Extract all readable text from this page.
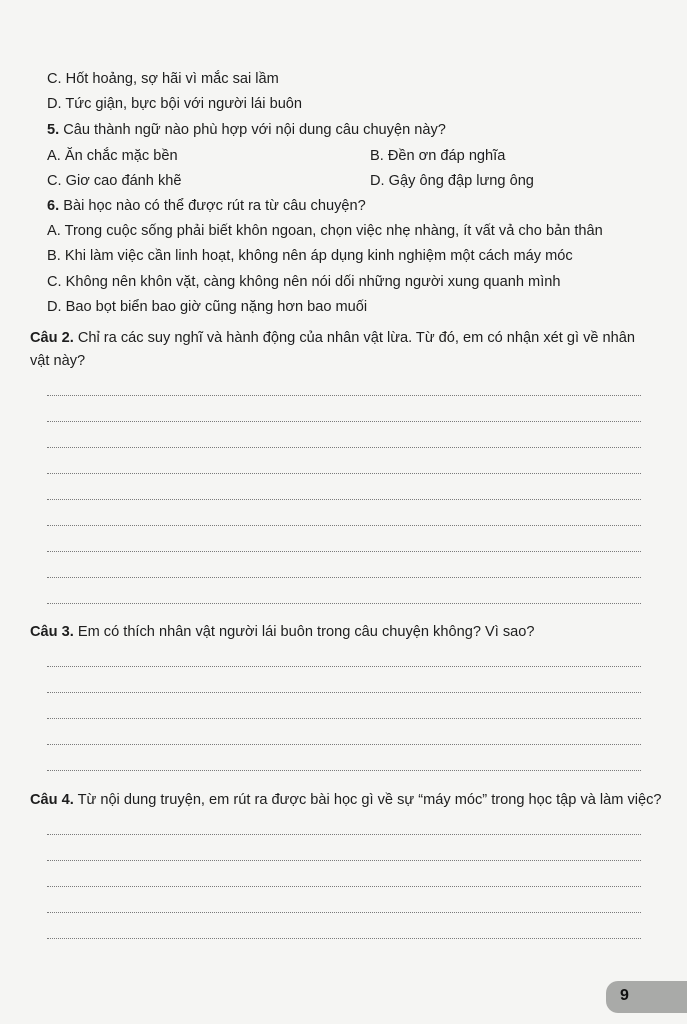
C. Hốt hoảng, sợ hãi vì mắc sai lầm
D. Tức giận, bực bội với người lái buôn
5. Câu thành ngữ nào phù hợp với nội dung câu chuyện này?
A. Ăn chắc mặc bền	B. Đền ơn đáp nghĩa
C. Giơ cao đánh khẽ	D. Gậy ông đập lưng ông
6. Bài học nào có thể được rút ra từ câu chuyện?
A. Trong cuộc sống phải biết khôn ngoan, chọn việc nhẹ nhàng, ít vất vả cho bản thân
B. Khi làm việc cần linh hoạt, không nên áp dụng kinh nghiệm một cách máy móc
C. Không nên khôn vặt, càng không nên nói dối những người xung quanh mình
D. Bao bọt biển bao giờ cũng nặng hơn bao muối
Câu 2. Chỉ ra các suy nghĩ và hành động của nhân vật lừa. Từ đó, em có nhận xét gì về nhân
vật này?
Câu 3. Em có thích nhân vật người lái buôn trong câu chuyện không? Vì sao?
Câu 4. Từ nội dung truyện, em rút ra được bài học gì về sự “máy móc” trong học tập và làm việc?
9
